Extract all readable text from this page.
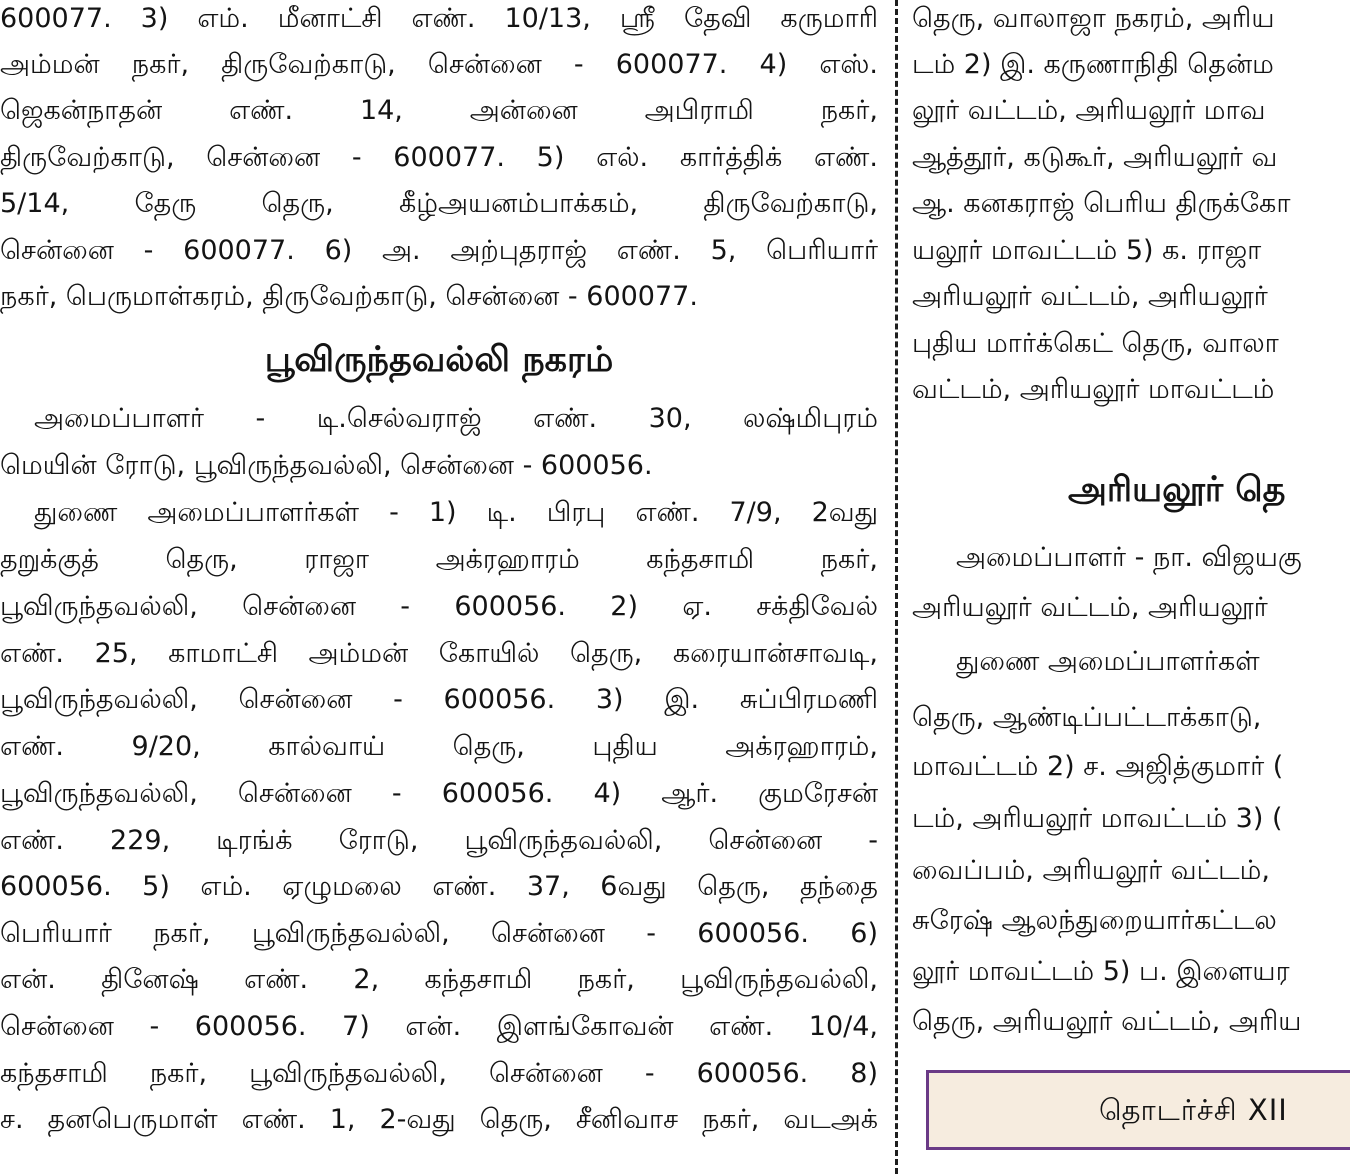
600077. 3) எம். மீனாட்சி எண். 10/13, ஸ்ரீ தேவி கருமாரி
அம்மன் நகர், திருவேற்காடு, சென்னை - 600077. 4) எஸ்.
ஜெகன்நாதன் எண். 14, அன்னை அபிராமி நகர்,
திருவேற்காடு, சென்னை - 600077. 5) எல். கார்த்திக் எண்.
5/14, தேரு தெரு, கீழ்அயனம்பாக்கம், திருவேற்காடு,
சென்னை - 600077. 6) அ. அற்புதராஜ் எண். 5, பெரியார்
நகர், பெருமாள்கரம், திருவேற்காடு, சென்னை - 600077.
பூவிருந்தவல்லி நகரம்
அமைப்பாளர் - டி.செல்வராஜ் எண். 30, லஷ்மிபுரம்
மெயின் ரோடு, பூவிருந்தவல்லி, சென்னை - 600056.
துணை அமைப்பாளர்கள் - 1) டி. பிரபு எண். 7/9, 2வது
தறுக்குத் தெரு, ராஜா அக்ரஹாரம் கந்தசாமி நகர்,
பூவிருந்தவல்லி, சென்னை - 600056. 2) ஏ. சக்திவேல்
எண். 25, காமாட்சி அம்மன் கோயில் தெரு, கரையான்சாவடி,
பூவிருந்தவல்லி, சென்னை - 600056. 3) இ. சுப்பிரமணி
எண். 9/20, கால்வாய் தெரு, புதிய அக்ரஹாரம்,
பூவிருந்தவல்லி, சென்னை - 600056. 4) ஆர். குமரேசன்
எண். 229, டிரங்க் ரோடு, பூவிருந்தவல்லி, சென்னை -
600056. 5) எம். ஏழுமலை எண். 37, 6வது தெரு, தந்தை
பெரியார் நகர், பூவிருந்தவல்லி, சென்னை - 600056. 6)
என். தினேஷ் எண். 2, கந்தசாமி நகர், பூவிருந்தவல்லி,
சென்னை - 600056. 7) என். இளங்கோவன் எண். 10/4,
கந்தசாமி நகர், பூவிருந்தவல்லி, சென்னை - 600056. 8)
ச. தனபெருமாள் எண். 1, 2-வது தெரு, சீனிவாச நகர், வடஅக்
தெரு, வாலாஜா நகரம், அரிய
டம் 2) இ. கருணாநிதி தென்ம
லூர் வட்டம், அரியலூர் மாவ
ஆத்தூர், கடுகூர், அரியலூர் வ
ஆ. கனகராஜ் பெரிய திருக்கோ
யலூர் மாவட்டம் 5) க. ராஜா
அரியலூர் வட்டம், அரியலூர்
புதிய மார்க்கெட் தெரு, வாலா
வட்டம், அரியலூர் மாவட்டம்
அரியலூர் தெ
அமைப்பாளர் - நா. விஜயகு
அரியலூர் வட்டம், அரியலூர்
துணை அமைப்பாளர்கள்
தெரு, ஆண்டிப்பட்டாக்காடு,
மாவட்டம் 2) ச. அஜித்குமார் (
டம், அரியலூர் மாவட்டம் 3) (
வைப்பம், அரியலூர் வட்டம்,
சுரேஷ் ஆலந்துறையார்கட்டல
லூர் மாவட்டம் 5) ப. இளையர
தெரு, அரியலூர் வட்டம், அரிய
தொடர்ச்சி XII
